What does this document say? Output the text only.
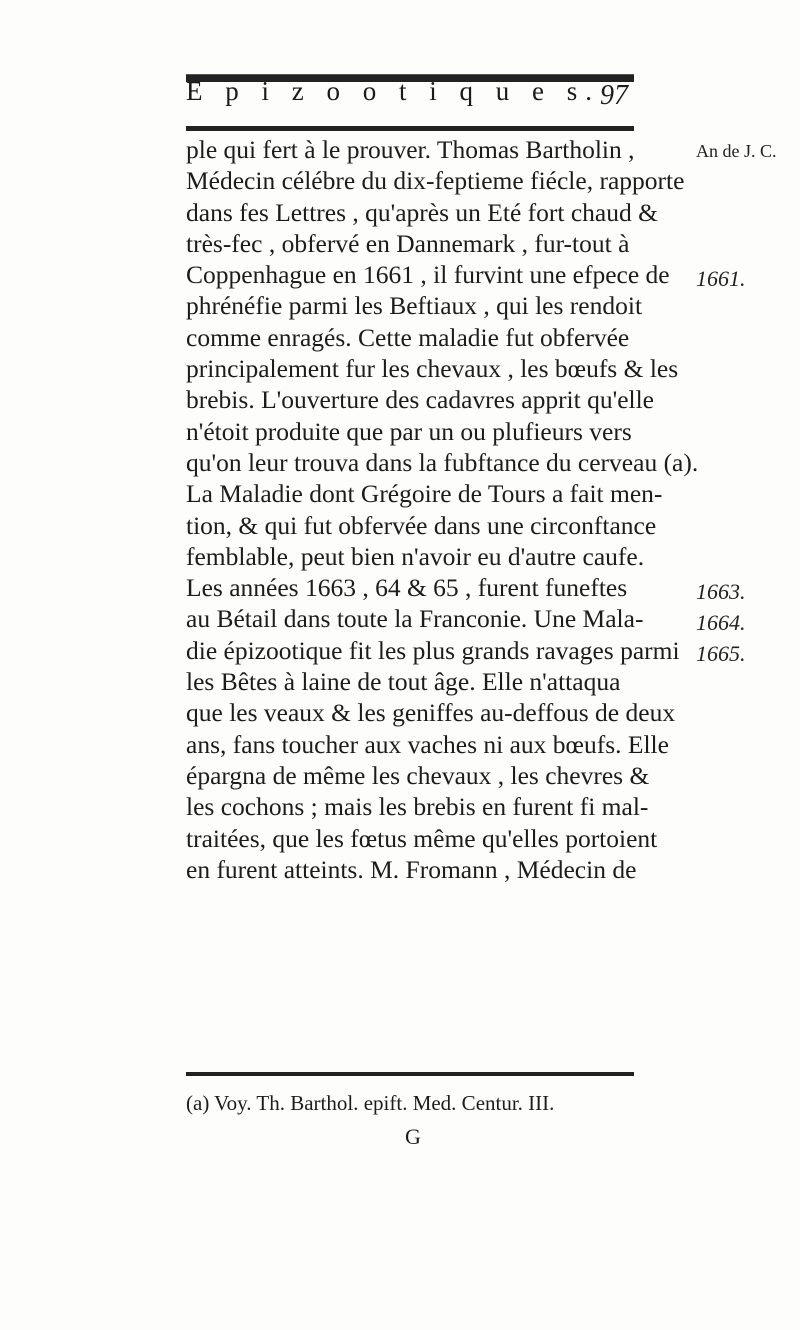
E p i z o o t i q u e s. 97
ple qui fert à le prouver. Thomas Bartholin ,
Médecin célébre du dix-feptieme fiécle, rapporte
dans fes Lettres , qu'après un Eté fort chaud &
très-fec , obfervé en Dannemark , fur-tout à
Coppenhague en 1661 , il furvint une efpece de
phrénéfie parmi les Beftiaux , qui les rendoit
comme enragés. Cette maladie fut obfervée
principalement fur les chevaux , les bœufs & les
brebis. L'ouverture des cadavres apprit qu'elle
n'étoit produite que par un ou plufieurs vers
qu'on leur trouva dans la fubftance du cerveau (a).
La Maladie dont Grégoire de Tours a fait men-
tion, & qui fut obfervée dans une circonftance
femblable, peut bien n'avoir eu d'autre caufe.
Les années 1663 , 64 & 65 , furent funeftes
au Bétail dans toute la Franconie. Une Mala-
die épizootique fit les plus grands ravages parmi
les Bêtes à laine de tout âge. Elle n'attaqua
que les veaux & les geniffes au-deffous de deux
ans, fans toucher aux vaches ni aux bœufs. Elle
épargna de même les chevaux , les chevres &
les cochons ; mais les brebis en furent fi mal-
traitées, que les fœtus même qu'elles portoient
en furent atteints. M. Fromann , Médecin de
An de J. C.
1661.
1663.
1664.
1665.
(a) Voy. Th. Barthol. epift. Med. Centur. III.
G
